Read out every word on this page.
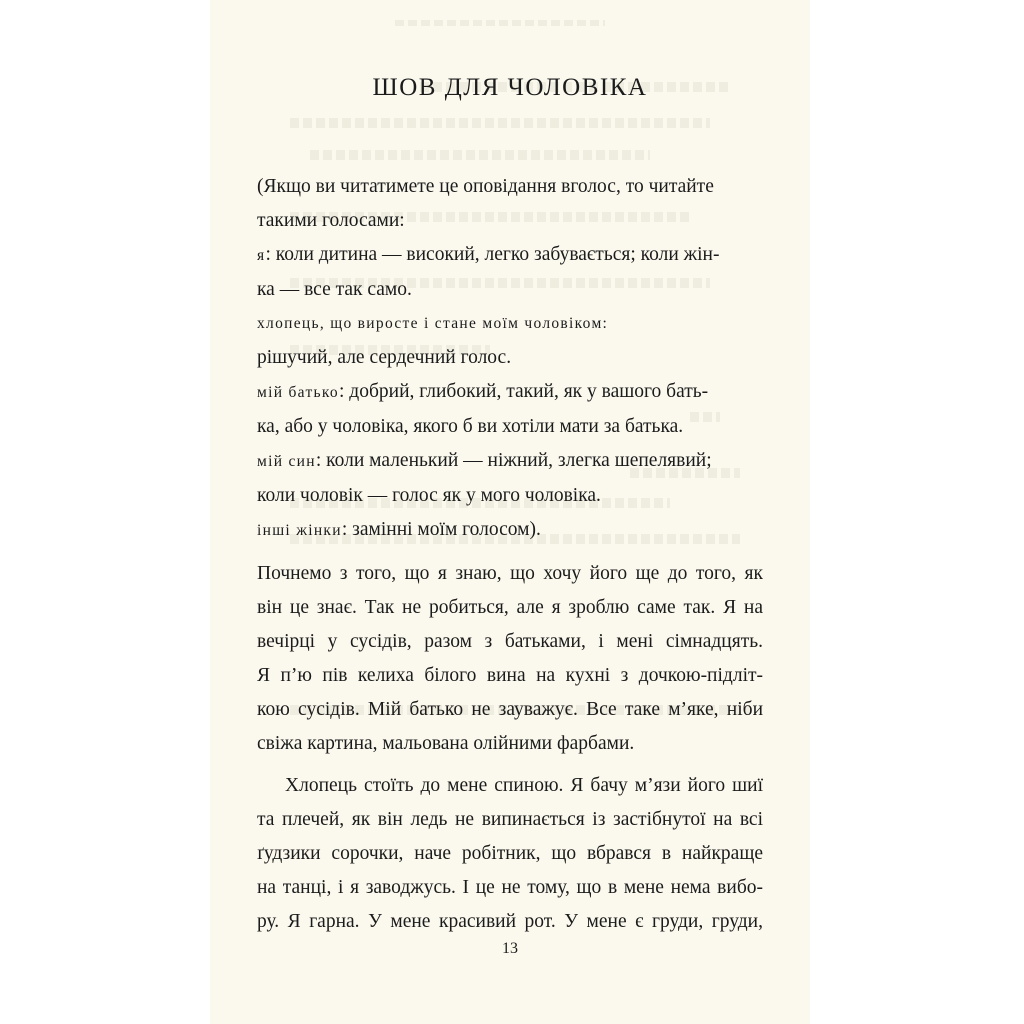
ШОВ ДЛЯ ЧОЛОВІКА
(Якщо ви читатимете це оповідання вголос, то читайте
такими голосами:
я: коли дитина — високий, легко забувається; коли жін-
ка — все так само.
хлопець, що виросте і стане моїм чоловіком:
рішучий, але сердечний голос.
мій батько: добрий, глибокий, такий, як у вашого бать-
ка, або у чоловіка, якого б ви хотіли мати за батька.
мій син: коли маленький — ніжний, злегка шепелявий;
коли чоловік — голос як у мого чоловіка.
інші жінки: замінні моїм голосом).
Почнемо з того, що я знаю, що хочу його ще до того, як
він це знає. Так не робиться, але я зроблю саме так. Я на
вечірці у сусідів, разом з батьками, і мені сімнадцять.
Я п’ю пів келиха білого вина на кухні з дочкою-підліт-
кою сусідів. Мій батько не зауважує. Все таке м’яке, ніби
свіжа картина, мальована олійними фарбами.
Хлопець стоїть до мене спиною. Я бачу м’язи його шиї
та плечей, як він ледь не випинається із застібнутої на всі
ґудзики сорочки, наче робітник, що вбрався в найкраще
на танці, і я заводжусь. І це не тому, що в мене нема вибо-
ру. Я гарна. У мене красивий рот. У мене є груди, груди,
13
